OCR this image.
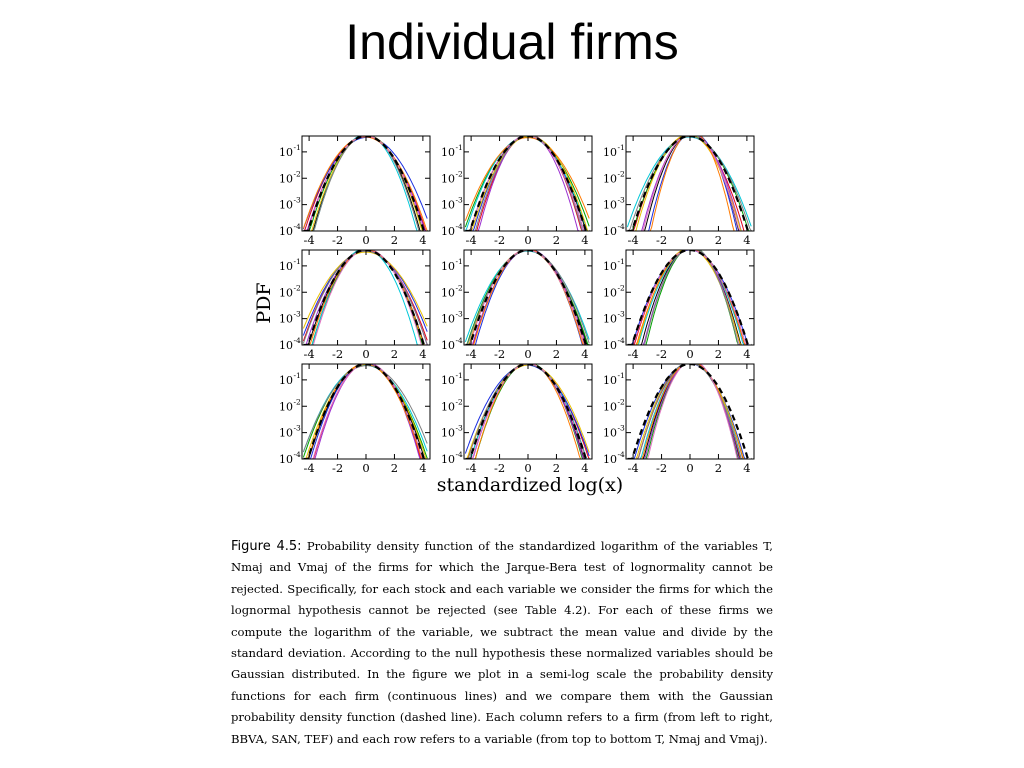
Individual firms
PDF
standardized log(x)
10 -1
10 -2
10 -3
10 -4
-4 -2 0 2 4
10 -1
10 -2
10 -3
10 -4
-4 -2 0 2 4
10 -1
10 -2
10 -3
10 -4
-4 -2 0 2 4
10 -1
10 -2
10 -3
10 -4
-4 -2 0 2 4
10 -1
10 -2
10 -3
10 -4
-4 -2 0 2 4
10 -1
10 -2
10 -3
10 -4
-4 -2 0 2 4
10 -1
10 -2
10 -3
10 -4
-4 -2 0 2 4
10 -1
10 -2
10 -3
10 -4
-4 -2 0 2 4
10 -1
10 -2
10 -3
10 -4
-4 -2 0 2 4

Figure 4.5: Probability density function of the standardized logarithm of the variables T, Nmaj and Vmaj of the firms for which the Jarque-Bera test of lognormality cannot be rejected. Specifically, for each stock and each variable we consider the firms for which the lognormal hypothesis cannot be rejected (see Table 4.2). For each of these firms we compute the logarithm of the variable, we subtract the mean value and divide by the standard deviation. According to the null hypothesis these normalized variables should be Gaussian distributed. In the figure we plot in a semi-log scale the probability density functions for each firm (continuous lines) and we compare them with the Gaussian probability density function (dashed line). Each column refers to a firm (from left to right, BBVA, SAN, TEF) and each row refers to a variable (from top to bottom T, Nmaj and Vmaj).
